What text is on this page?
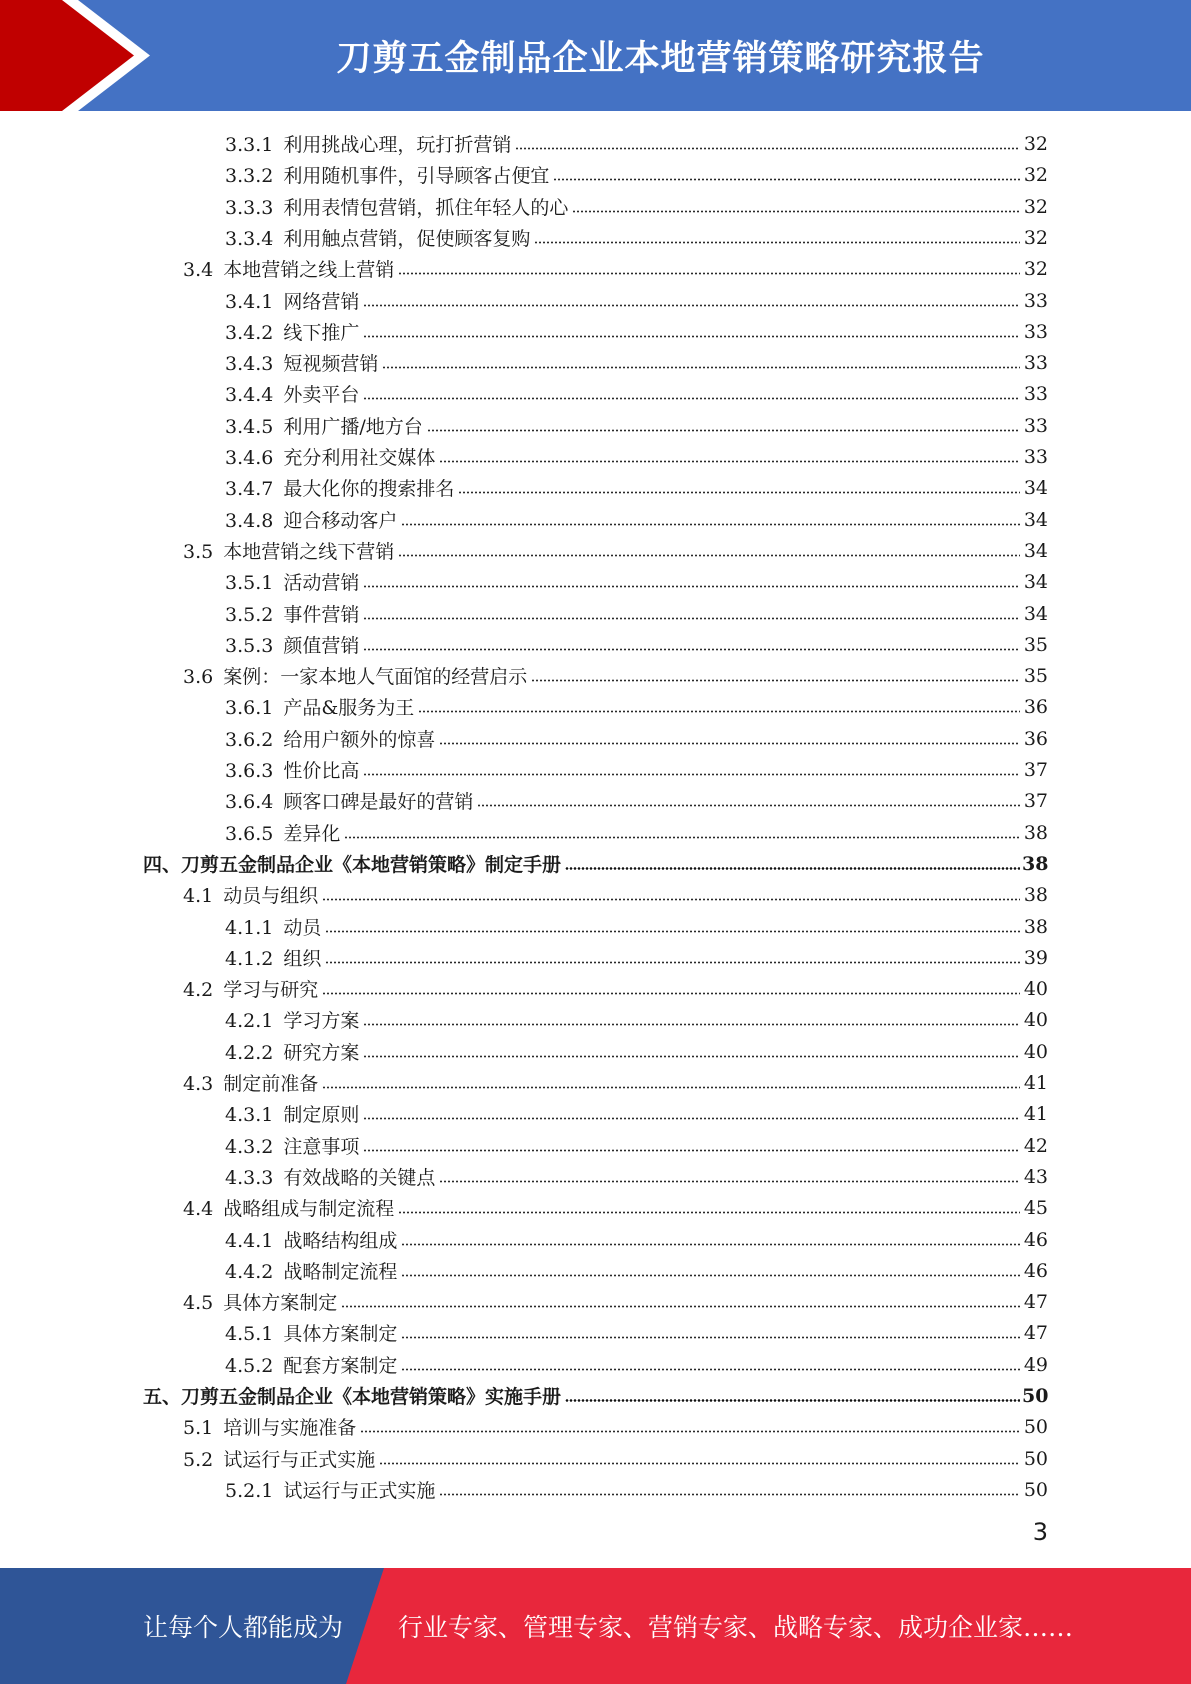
刀剪五金制品企业本地营销策略研究报告
3.3.1 利用挑战心理，玩打折营销	32
3.3.2 利用随机事件，引导顾客占便宜	32
3.3.3 利用表情包营销，抓住年轻人的心	32
3.3.4 利用触点营销，促使顾客复购	32
3.4 本地营销之线上营销	32
3.4.1 网络营销	33
3.4.2 线下推广	33
3.4.3 短视频营销	33
3.4.4 外卖平台	33
3.4.5 利用广播/地方台	33
3.4.6 充分利用社交媒体	33
3.4.7 最大化你的搜索排名	34
3.4.8 迎合移动客户	34
3.5 本地营销之线下营销	34
3.5.1 活动营销	34
3.5.2 事件营销	34
3.5.3 颜值营销	35
3.6 案例：一家本地人气面馆的经营启示	35
3.6.1 产品&服务为王	36
3.6.2 给用户额外的惊喜	36
3.6.3 性价比高	37
3.6.4 顾客口碑是最好的营销	37
3.6.5 差异化	38
四、刀剪五金制品企业《本地营销策略》制定手册	38
4.1 动员与组织	38
4.1.1 动员	38
4.1.2 组织	39
4.2 学习与研究	40
4.2.1 学习方案	40
4.2.2 研究方案	40
4.3 制定前准备	41
4.3.1 制定原则	41
4.3.2 注意事项	42
4.3.3 有效战略的关键点	43
4.4 战略组成与制定流程	45
4.4.1 战略结构组成	46
4.4.2 战略制定流程	46
4.5 具体方案制定	47
4.5.1 具体方案制定	47
4.5.2 配套方案制定	49
五、刀剪五金制品企业《本地营销策略》实施手册	50
5.1 培训与实施准备	50
5.2 试运行与正式实施	50
5.2.1 试运行与正式实施	50
3
让每个人都能成为 行业专家、管理专家、营销专家、战略专家、成功企业家……
